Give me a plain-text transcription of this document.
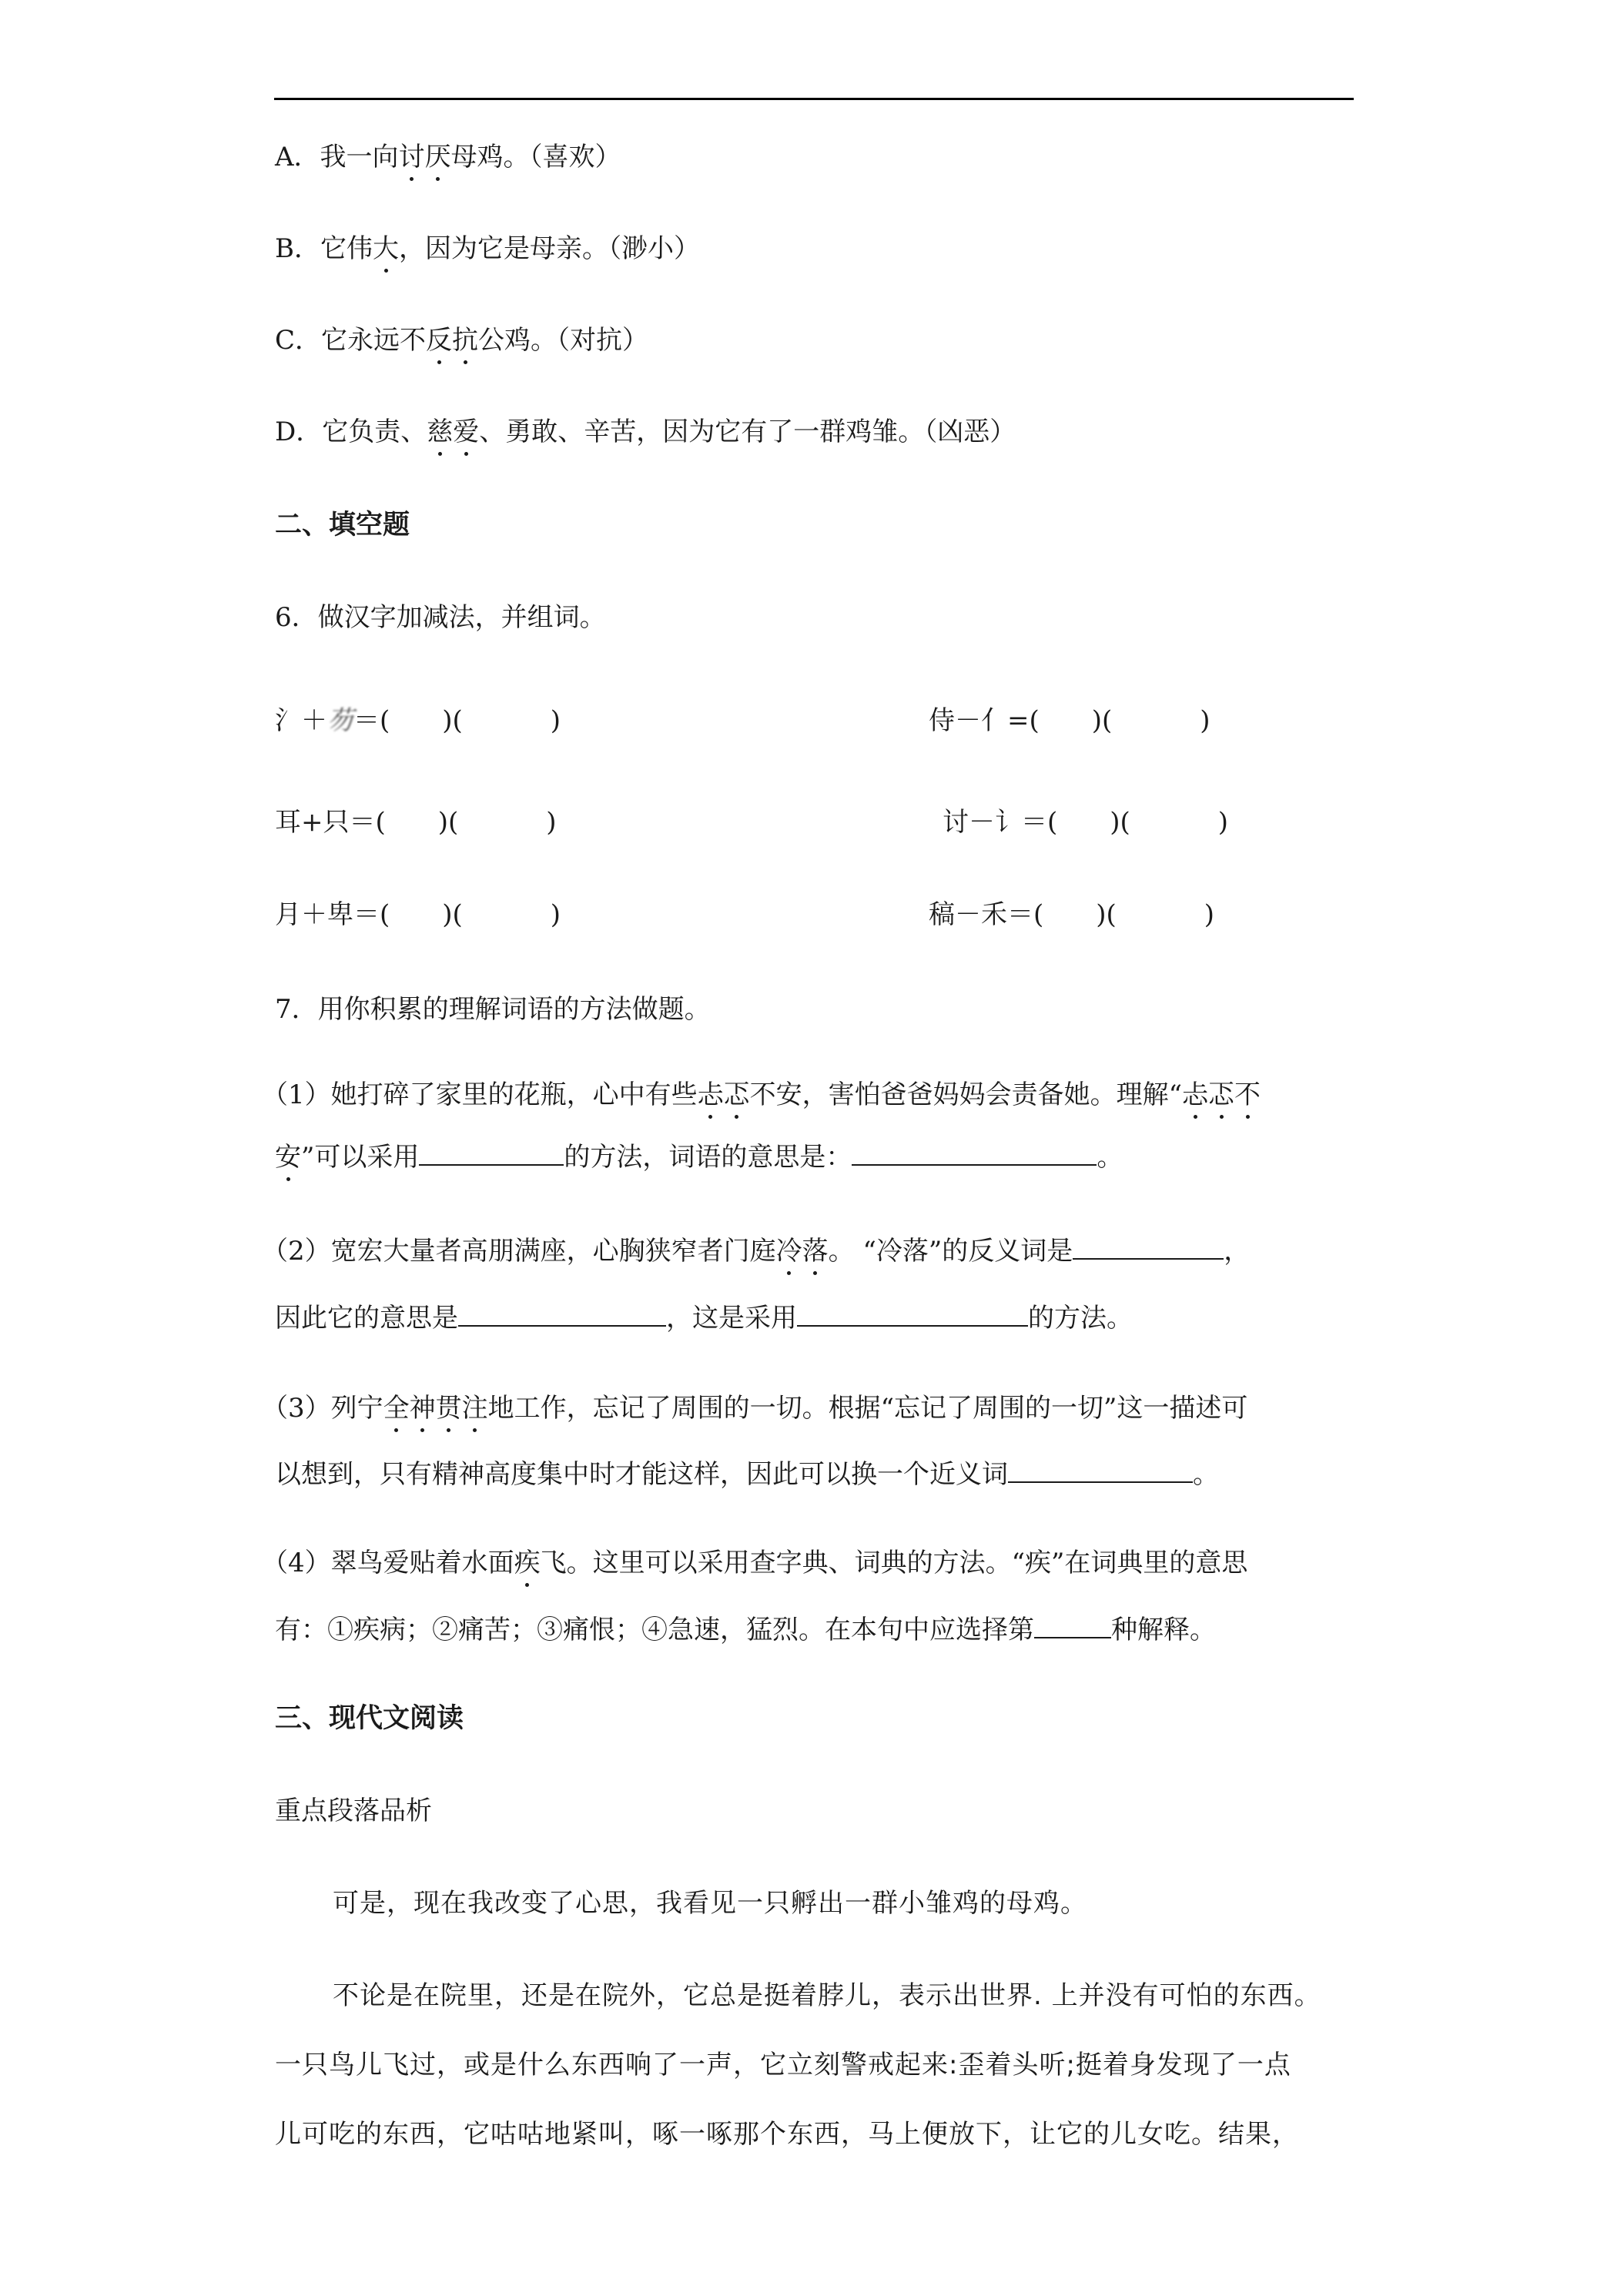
A．我一向讨厌母鸡。（喜欢）
B．它伟大，因为它是母亲。（渺小）
C．它永远不反抗公鸡。（对抗）
D．它负责、慈爱、勇敢、辛苦，因为它有了一群鸡雏。（凶恶）
二、填空题
6．做汉字加减法，并组词。
氵＋芴＝( )(	)	侍－亻=( )(	)
耳+只＝( )(	)	讨－讠＝( )(	)
月＋卑＝( )(	)	稿－禾＝( )(	)
7．用你积累的理解词语的方法做题。
（1）她打碎了家里的花瓶，心中有些忐忑不安，害怕爸爸妈妈会责备她。理解“忐忑不
安”可以采用	的方法，词语的意思是：	。
（2）宽宏大量者高朋满座，心胸狭窄者门庭冷落。 “冷落”的反义词是	，
因此它的意思是	，这是采用	的方法。
（3）列宁全神贯注地工作，忘记了周围的一切。根据“忘记了周围的一切”这一描述可
以想到，只有精神高度集中时才能这样，因此可以换一个近义词	。
（4）翠鸟爱贴着水面疾飞。这里可以采用查字典、词典的方法。“疾”在词典里的意思
有：①疾病；②痛苦；③痛恨；④急速，猛烈。在本句中应选择第	种解释。
三、现代文阅读
重点段落品析
可是，现在我改变了心思，我看见一只孵出一群小雏鸡的母鸡。
不论是在院里，还是在院外，它总是挺着脖儿，表示出世界. 上并没有可怕的东西。
一只鸟儿飞过，或是什么东西响了一声，它立刻警戒起来:歪着头听;挺着身发现了一点
儿可吃的东西，它咕咕地紧叫，啄一啄那个东西，马上便放下，让它的儿女吃。结果，
